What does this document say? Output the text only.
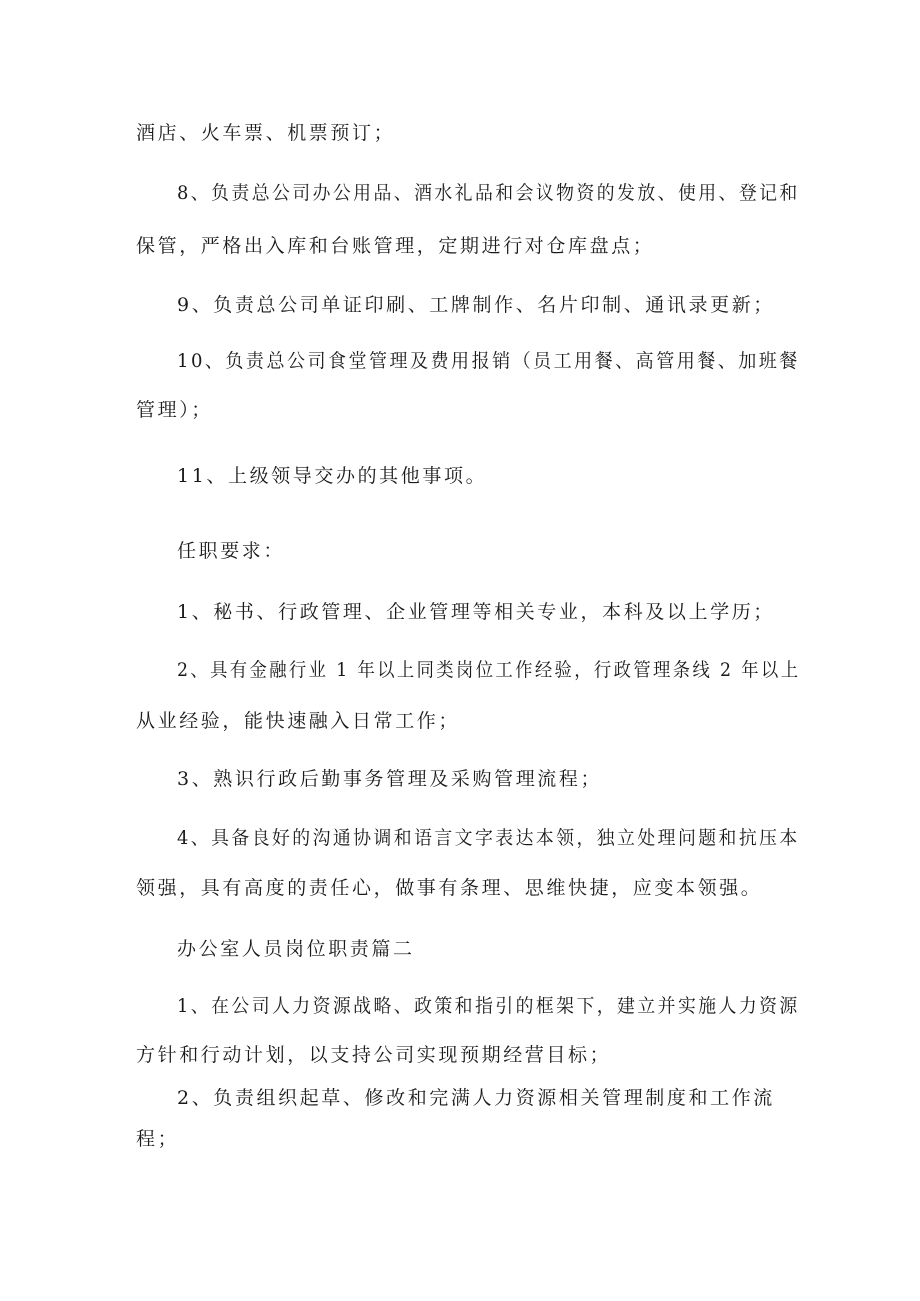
酒店、火车票、机票预订；
8、负责总公司办公用品、酒水礼品和会议物资的发放、使用、登记和
保管，严格出入库和台账管理，定期进行对仓库盘点；
9、负责总公司单证印刷、工牌制作、名片印制、通讯录更新；
10、负责总公司食堂管理及费用报销（员工用餐、高管用餐、加班餐
管理）；
11、上级领导交办的其他事项。
任职要求：
1、秘书、行政管理、企业管理等相关专业，本科及以上学历；
2、具有金融行业 1 年以上同类岗位工作经验，行政管理条线 2 年以上
从业经验，能快速融入日常工作；
3、熟识行政后勤事务管理及采购管理流程；
4、具备良好的沟通协调和语言文字表达本领，独立处理问题和抗压本
领强，具有高度的责任心，做事有条理、思维快捷，应变本领强。
办公室人员岗位职责篇二
1、在公司人力资源战略、政策和指引的框架下，建立并实施人力资源
方针和行动计划，以支持公司实现预期经营目标；
2、负责组织起草、修改和完满人力资源相关管理制度和工作流
程；
